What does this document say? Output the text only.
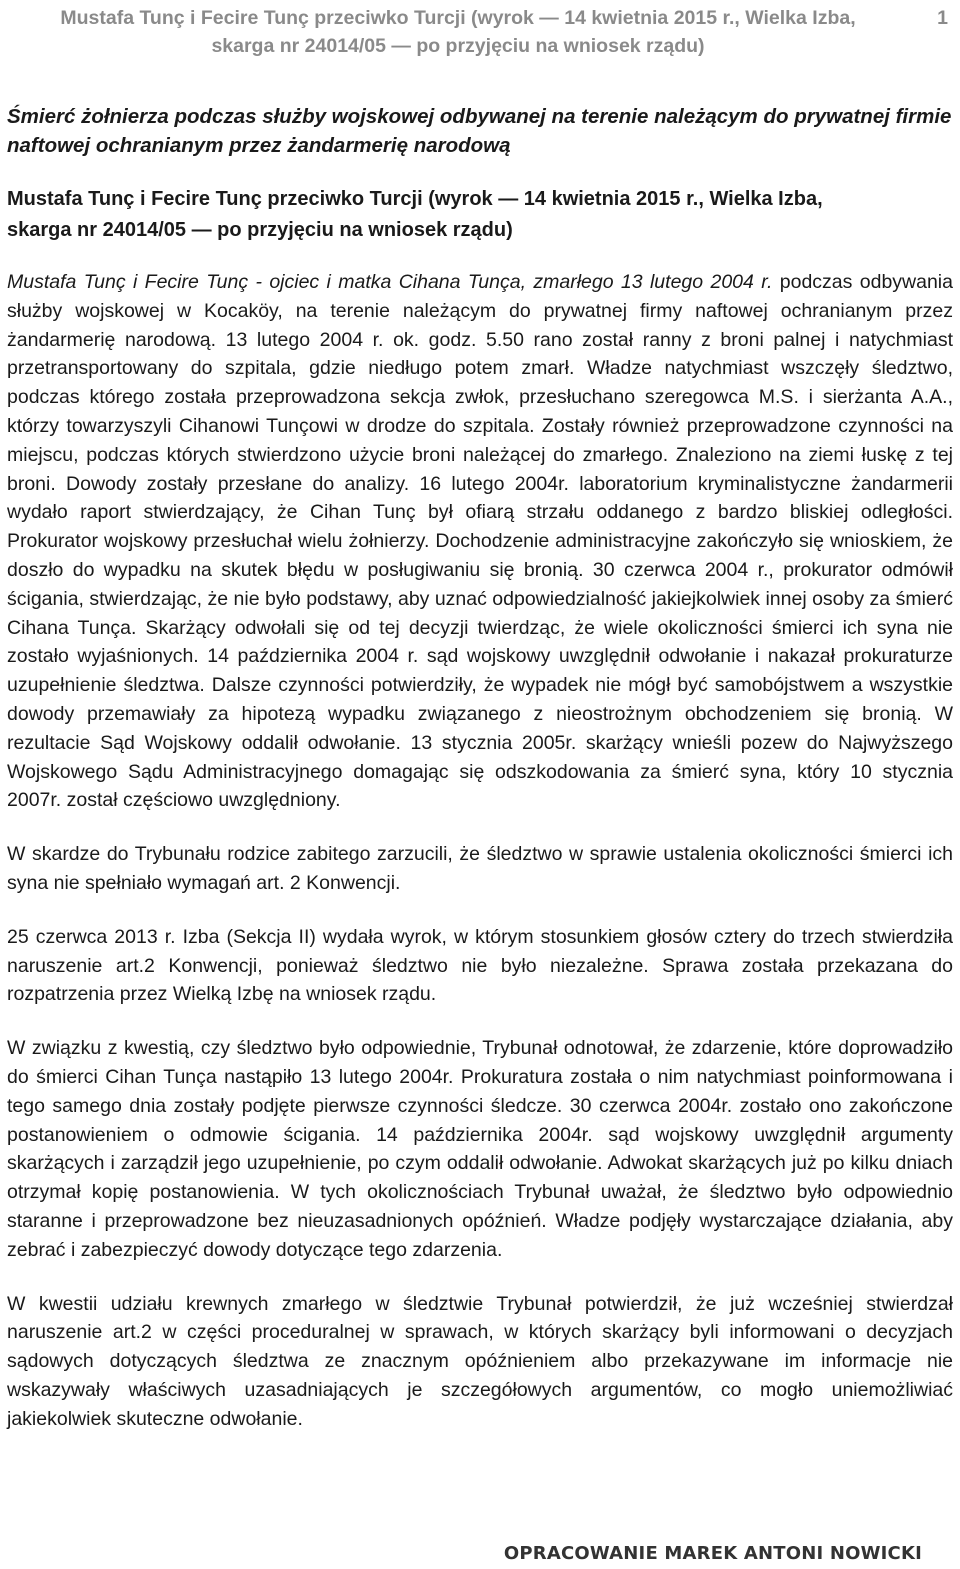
Mustafa Tunç i Fecire Tunç przeciwko Turcji (wyrok — 14 kwietnia 2015 r., Wielka Izba,
skarga nr 24014/05 — po przyjęciu na wniosek rządu)
1

Śmierć żołnierza podczas służby wojskowej odbywanej na terenie należącym do prywatnej firmie naftowej ochranianym przez żandarmerię narodową

Mustafa Tunç i Fecire Tunç przeciwko Turcji (wyrok — 14 kwietnia 2015 r., Wielka Izba,
skarga nr 24014/05 — po przyjęciu na wniosek rządu)

Mustafa Tunç i Fecire Tunç - ojciec i matka Cihana Tunça, zmarłego 13 lutego 2004 r. podczas odbywania służby wojskowej w Kocaköy, na terenie należącym do prywatnej firmy naftowej ochranianym przez żandarmerię narodową. 13 lutego 2004 r. ok. godz. 5.50 rano został ranny z broni palnej i natychmiast przetransportowany do szpitala, gdzie niedługo potem zmarł. Władze natychmiast wszczęły śledztwo, podczas którego została przeprowadzona sekcja zwłok, przesłuchano szeregowca M.S. i sierżanta A.A., którzy towarzyszyli Cihanowi Tunçowi w drodze do szpitala. Zostały również przeprowadzone czynności na miejscu, podczas których stwierdzono użycie broni należącej do zmarłego. Znaleziono na ziemi łuskę z tej broni. Dowody zostały przesłane do analizy. 16 lutego 2004r. laboratorium kryminalistyczne żandarmerii wydało raport stwierdzający, że Cihan Tunç był ofiarą strzału oddanego z bardzo bliskiej odległości. Prokurator wojskowy przesłuchał wielu żołnierzy. Dochodzenie administracyjne zakończyło się wnioskiem, że doszło do wypadku na skutek błędu w posługiwaniu się bronią. 30 czerwca 2004 r., prokurator odmówił ścigania, stwierdzając, że nie było podstawy, aby uznać odpowiedzialność jakiejkolwiek innej osoby za śmierć Cihana Tunça. Skarżący odwołali się od tej decyzji twierdząc, że wiele okoliczności śmierci ich syna nie zostało wyjaśnionych. 14 października 2004 r. sąd wojskowy uwzględnił odwołanie i nakazał prokuraturze uzupełnienie śledztwa. Dalsze czynności potwierdziły, że wypadek nie mógł być samobójstwem a wszystkie dowody przemawiały za hipotezą wypadku związanego z nieostrożnym obchodzeniem się bronią. W rezultacie Sąd Wojskowy oddalił odwołanie. 13 stycznia 2005r. skarżący wnieśli pozew do Najwyższego Wojskowego Sądu Administracyjnego domagając się odszkodowania za śmierć syna, który 10 stycznia 2007r. został częściowo uwzględniony.

W skardze do Trybunału rodzice zabitego zarzucili, że śledztwo w sprawie ustalenia okoliczności śmierci ich syna nie spełniało wymagań art. 2 Konwencji.

25 czerwca 2013 r. Izba (Sekcja II) wydała wyrok, w którym stosunkiem głosów cztery do trzech stwierdziła naruszenie art.2 Konwencji, ponieważ śledztwo nie było niezależne. Sprawa została przekazana do rozpatrzenia przez Wielką Izbę na wniosek rządu.

W związku z kwestią, czy śledztwo było odpowiednie, Trybunał odnotował, że zdarzenie, które doprowadziło do śmierci Cihan Tunça nastąpiło 13 lutego 2004r. Prokuratura została o nim natychmiast poinformowana i tego samego dnia zostały podjęte pierwsze czynności śledcze. 30 czerwca 2004r. zostało ono zakończone postanowieniem o odmowie ścigania. 14 października 2004r. sąd wojskowy uwzględnił argumenty skarżących i zarządził jego uzupełnienie, po czym oddalił odwołanie. Adwokat skarżących już po kilku dniach otrzymał kopię postanowienia. W tych okolicznościach Trybunał uważał, że śledztwo było odpowiednio staranne i przeprowadzone bez nieuzasadnionych opóźnień. Władze podjęły wystarczające działania, aby zebrać i zabezpieczyć dowody dotyczące tego zdarzenia.

W kwestii udziału krewnych zmarłego w śledztwie Trybunał potwierdził, że już wcześniej stwierdzał naruszenie art.2 w części proceduralnej w sprawach, w których skarżący byli informowani o decyzjach sądowych dotyczących śledztwa ze znacznym opóźnieniem albo przekazywane im informacje nie wskazywały właściwych uzasadniających je szczegółowych argumentów, co mogło uniemożliwiać jakiekolwiek skuteczne odwołanie.

OPRACOWANIE MAREK ANTONI NOWICKI
